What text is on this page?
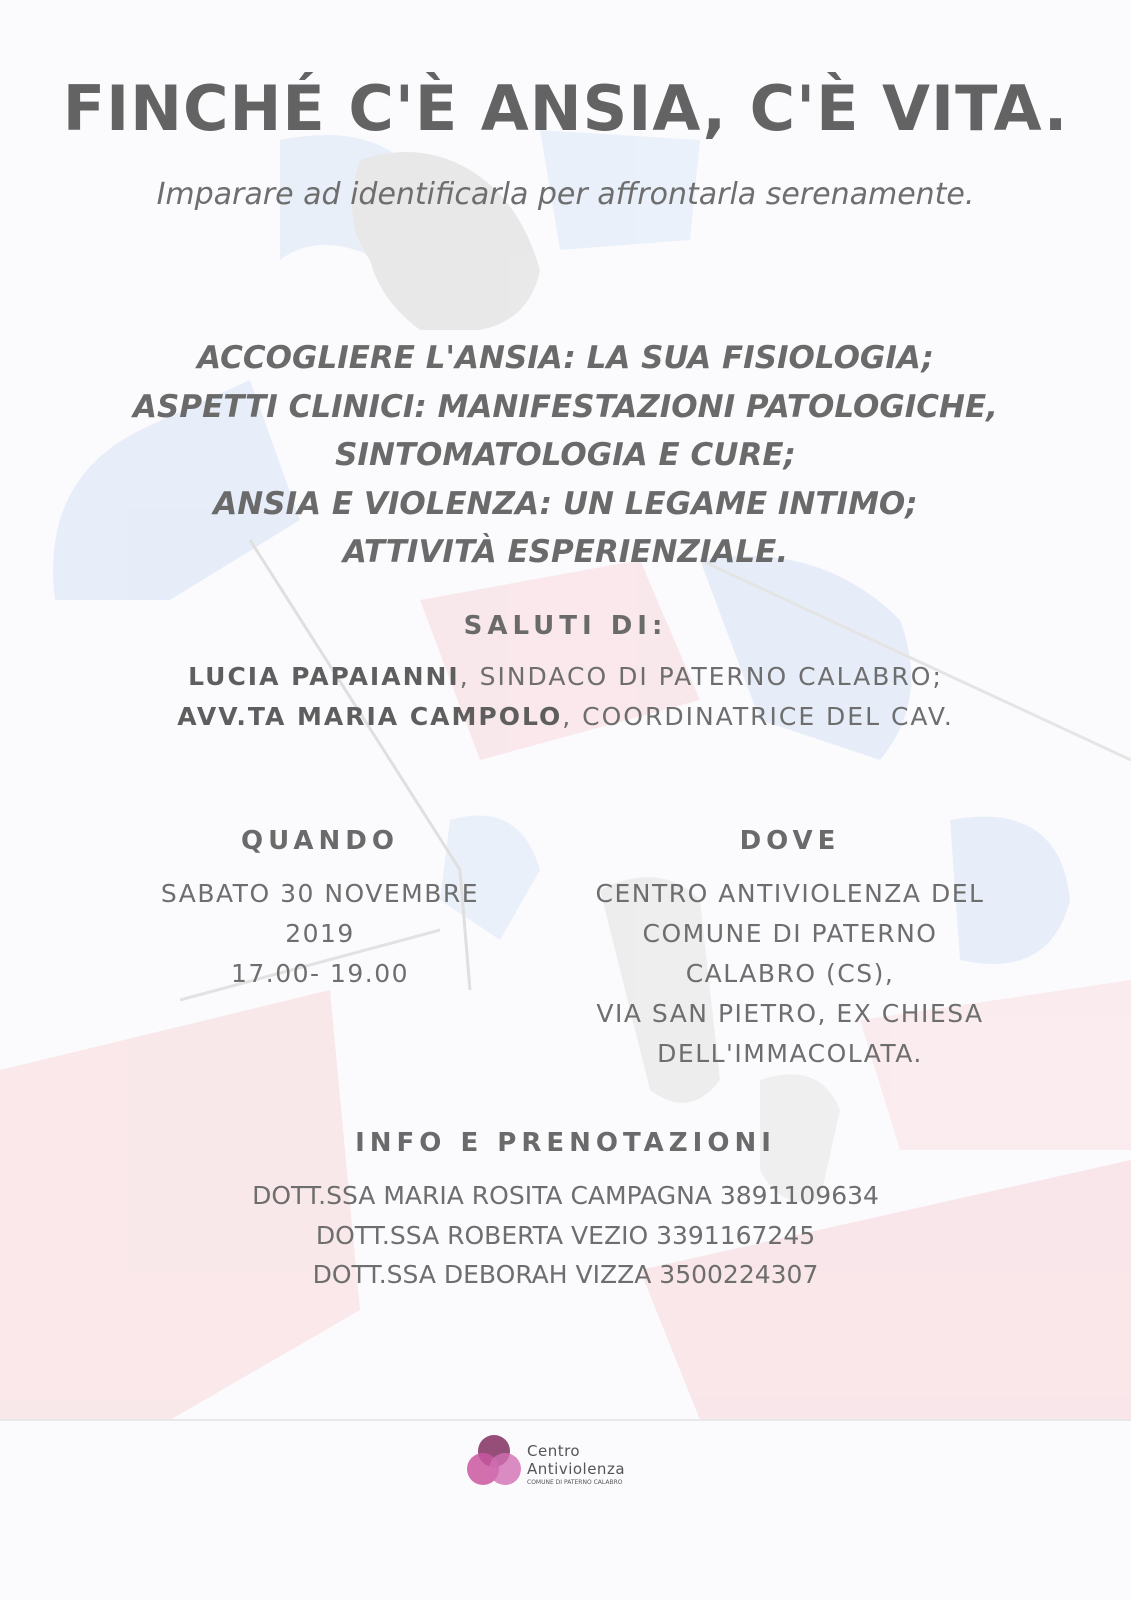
FINCHÉ C'È ANSIA, C'È VITA.
Imparare ad identificarla per affrontarla serenamente.
ACCOGLIERE L'ANSIA: LA SUA FISIOLOGIA;
ASPETTI CLINICI: MANIFESTAZIONI PATOLOGICHE,
SINTOMATOLOGIA E CURE;
ANSIA E VIOLENZA: UN LEGAME INTIMO;
ATTIVITÀ ESPERIENZIALE.
SALUTI DI:
LUCIA PAPAIANNI, SINDACO DI PATERNO CALABRO;
AVV.TA MARIA CAMPOLO, COORDINATRICE DEL CAV.
QUANDO
SABATO 30 NOVEMBRE
2019
17.00- 19.00
DOVE
CENTRO ANTIVIOLENZA DEL
COMUNE DI PATERNO
CALABRO (CS),
VIA SAN PIETRO, EX CHIESA
DELL'IMMACOLATA.
INFO E PRENOTAZIONI
DOTT.SSA MARIA ROSITA CAMPAGNA 3891109634
DOTT.SSA ROBERTA VEZIO 3391167245
DOTT.SSA DEBORAH VIZZA 3500224307
Centro
Antiviolenza
COMUNE DI PATERNO CALABRO
